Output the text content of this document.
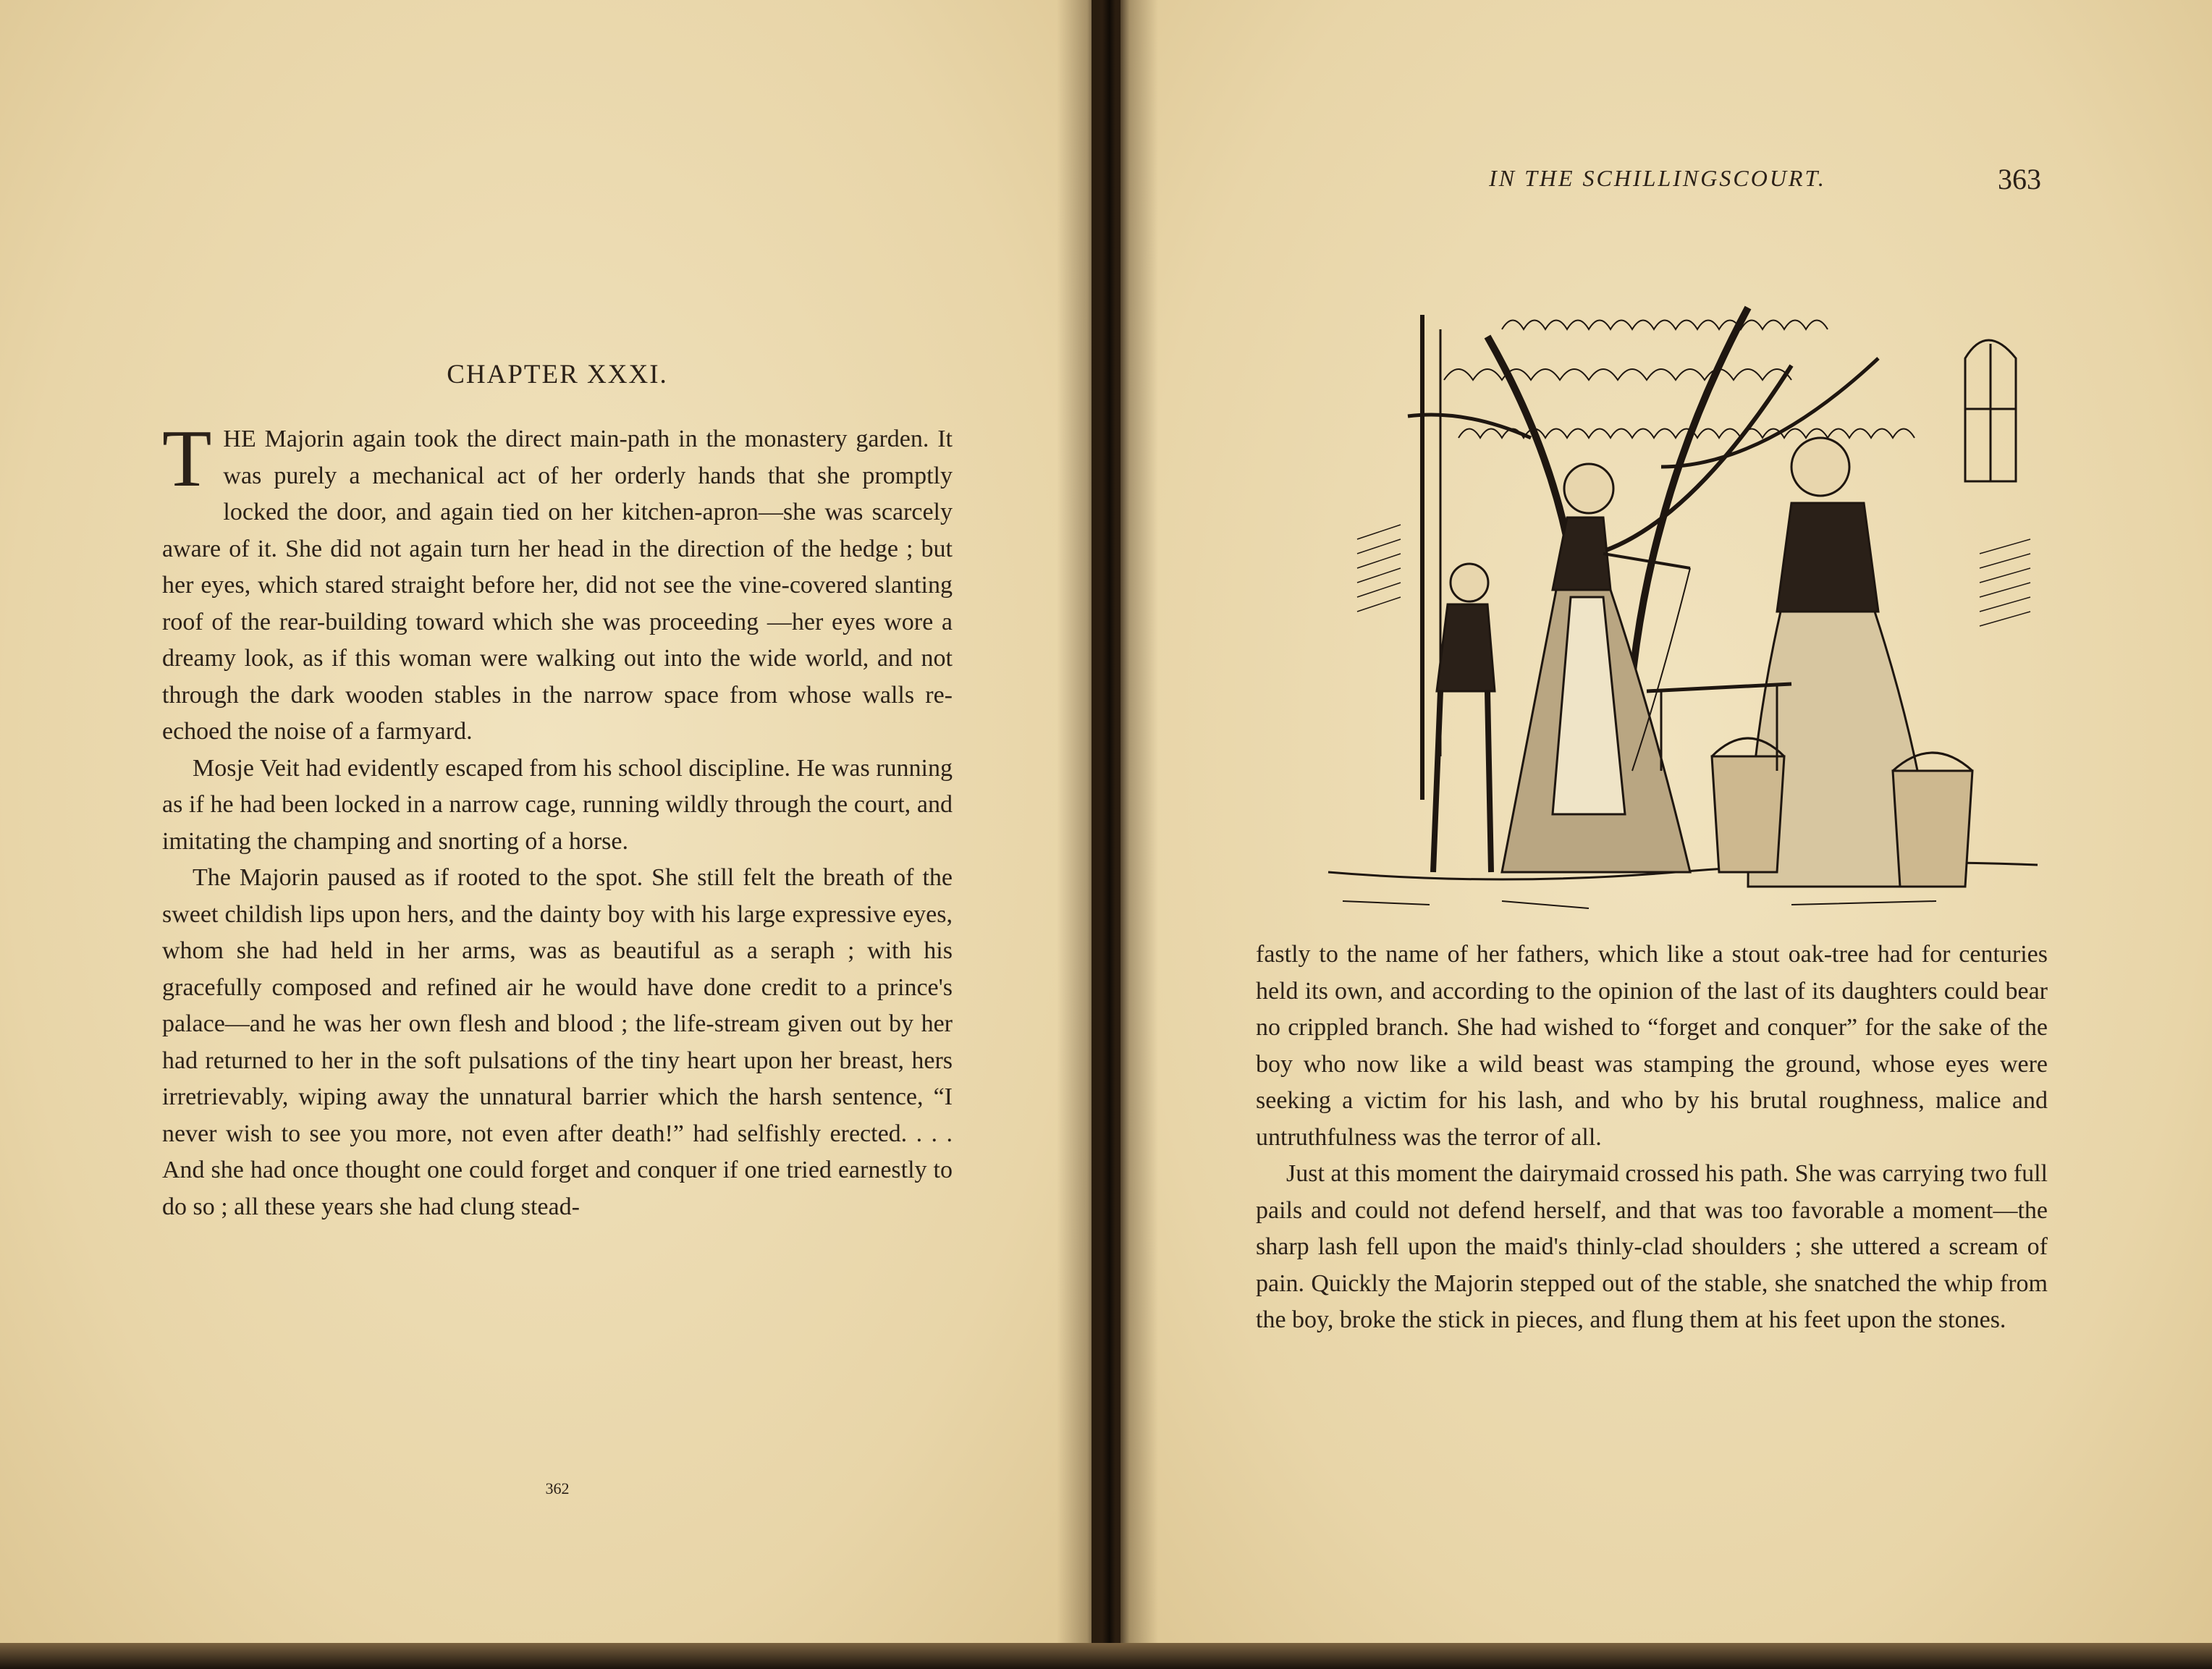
CHAPTER XXXI.

THE Majorin again took the direct main-path in the monastery garden. It was purely a mechanical act of her orderly hands that she promptly locked the door, and again tied on her kitchen-apron—she was scarcely aware of it. She did not again turn her head in the direction of the hedge ; but her eyes, which stared straight before her, did not see the vine-covered slanting roof of the rear-building toward which she was proceeding —her eyes wore a dreamy look, as if this woman were walking out into the wide world, and not through the dark wooden stables in the narrow space from whose walls re-echoed the noise of a farmyard.

Mosje Veit had evidently escaped from his school discipline. He was running as if he had been locked in a narrow cage, running wildly through the court, and imitating the champing and snorting of a horse.

The Majorin paused as if rooted to the spot. She still felt the breath of the sweet childish lips upon hers, and the dainty boy with his large expressive eyes, whom she had held in her arms, was as beautiful as a seraph ; with his gracefully composed and refined air he would have done credit to a prince's palace—and he was her own flesh and blood ; the life-stream given out by her had returned to her in the soft pulsations of the tiny heart upon her breast, hers irretrievably, wiping away the unnatural barrier which the harsh sentence, “I never wish to see you more, not even after death!” had selfishly erected. . . . And she had once thought one could forget and conquer if one tried earnestly to do so ; all these years she had clung stead-

362
IN THE SCHILLINGSCOURT.	363

fastly to the name of her fathers, which like a stout oak-tree had for centuries held its own, and according to the opinion of the last of its daughters could bear no crippled branch. She had wished to “forget and conquer” for the sake of the boy who now like a wild beast was stamping the ground, whose eyes were seeking a victim for his lash, and who by his brutal roughness, malice and untruthfulness was the terror of all.

Just at this moment the dairymaid crossed his path. She was carrying two full pails and could not defend herself, and that was too favorable a moment—the sharp lash fell upon the maid's thinly-clad shoulders ; she uttered a scream of pain. Quickly the Majorin stepped out of the stable, she snatched the whip from the boy, broke the stick in pieces, and flung them at his feet upon the stones.
